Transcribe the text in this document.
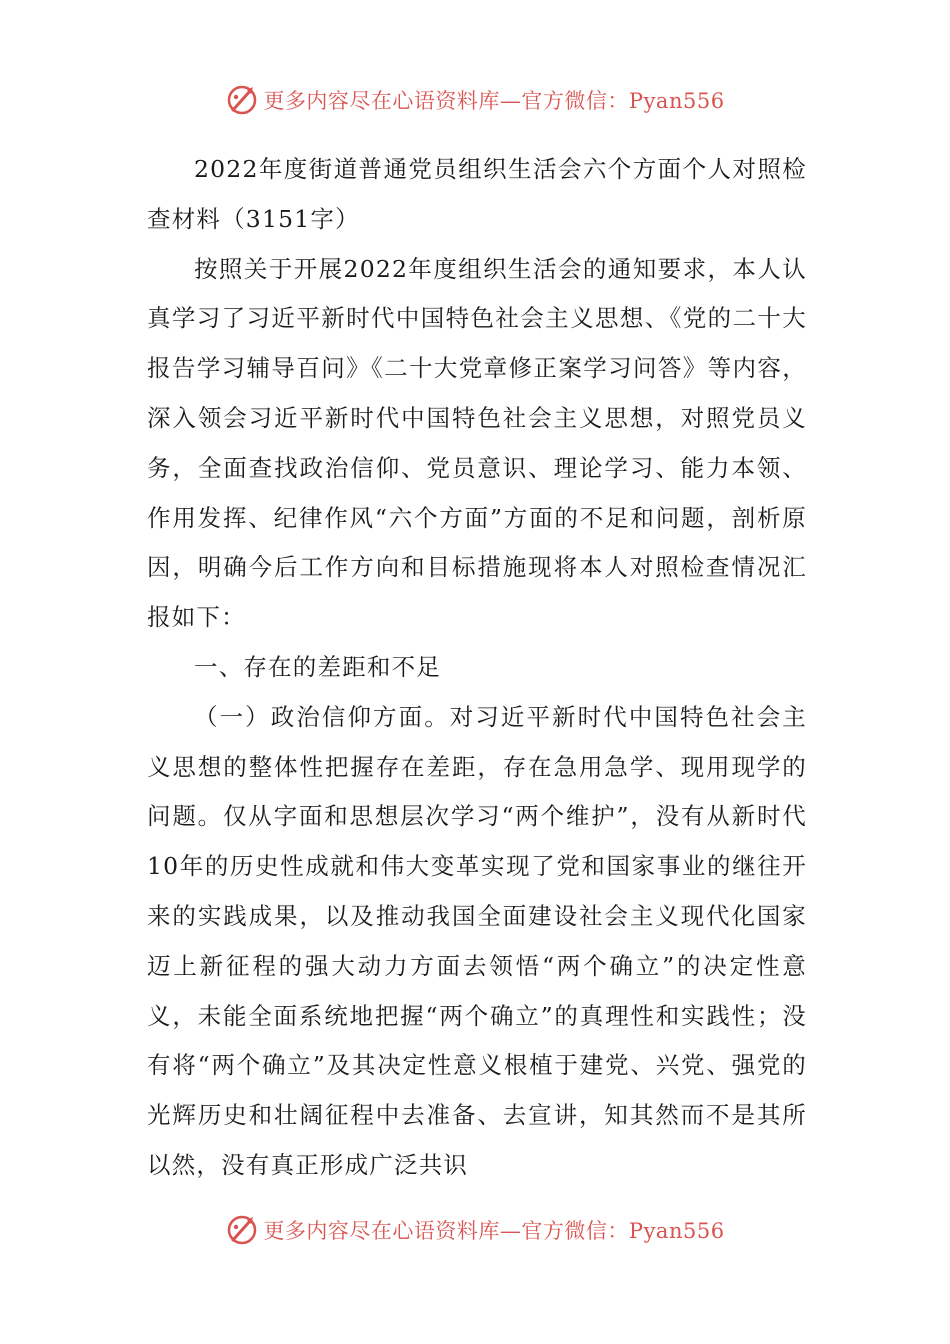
更多内容尽在心语资料库—官方微信：Pyan556

2022年度街道普通党员组织生活会六个方面个人对照检查材料（3151字）

按照关于开展2022年度组织生活会的通知要求，本人认真学习了习近平新时代中国特色社会主义思想、《党的二十大报告学习辅导百问》《二十大党章修正案学习问答》等内容，深入领会习近平新时代中国特色社会主义思想，对照党员义务，全面查找政治信仰、党员意识、理论学习、能力本领、作用发挥、纪律作风“六个方面”方面的不足和问题，剖析原因，明确今后工作方向和目标措施现将本人对照检查情况汇报如下：

一、存在的差距和不足

（一）政治信仰方面。对习近平新时代中国特色社会主义思想的整体性把握存在差距，存在急用急学、现用现学的问题。仅从字面和思想层次学习“两个维护”，没有从新时代10年的历史性成就和伟大变革实现了党和国家事业的继往开来的实践成果，以及推动我国全面建设社会主义现代化国家迈上新征程的强大动力方面去领悟“两个确立”的决定性意义，未能全面系统地把握“两个确立”的真理性和实践性；没有将“两个确立”及其决定性意义根植于建党、兴党、强党的光辉历史和壮阔征程中去准备、去宣讲，知其然而不是其所以然，没有真正形成广泛共识

更多内容尽在心语资料库—官方微信：Pyan556
